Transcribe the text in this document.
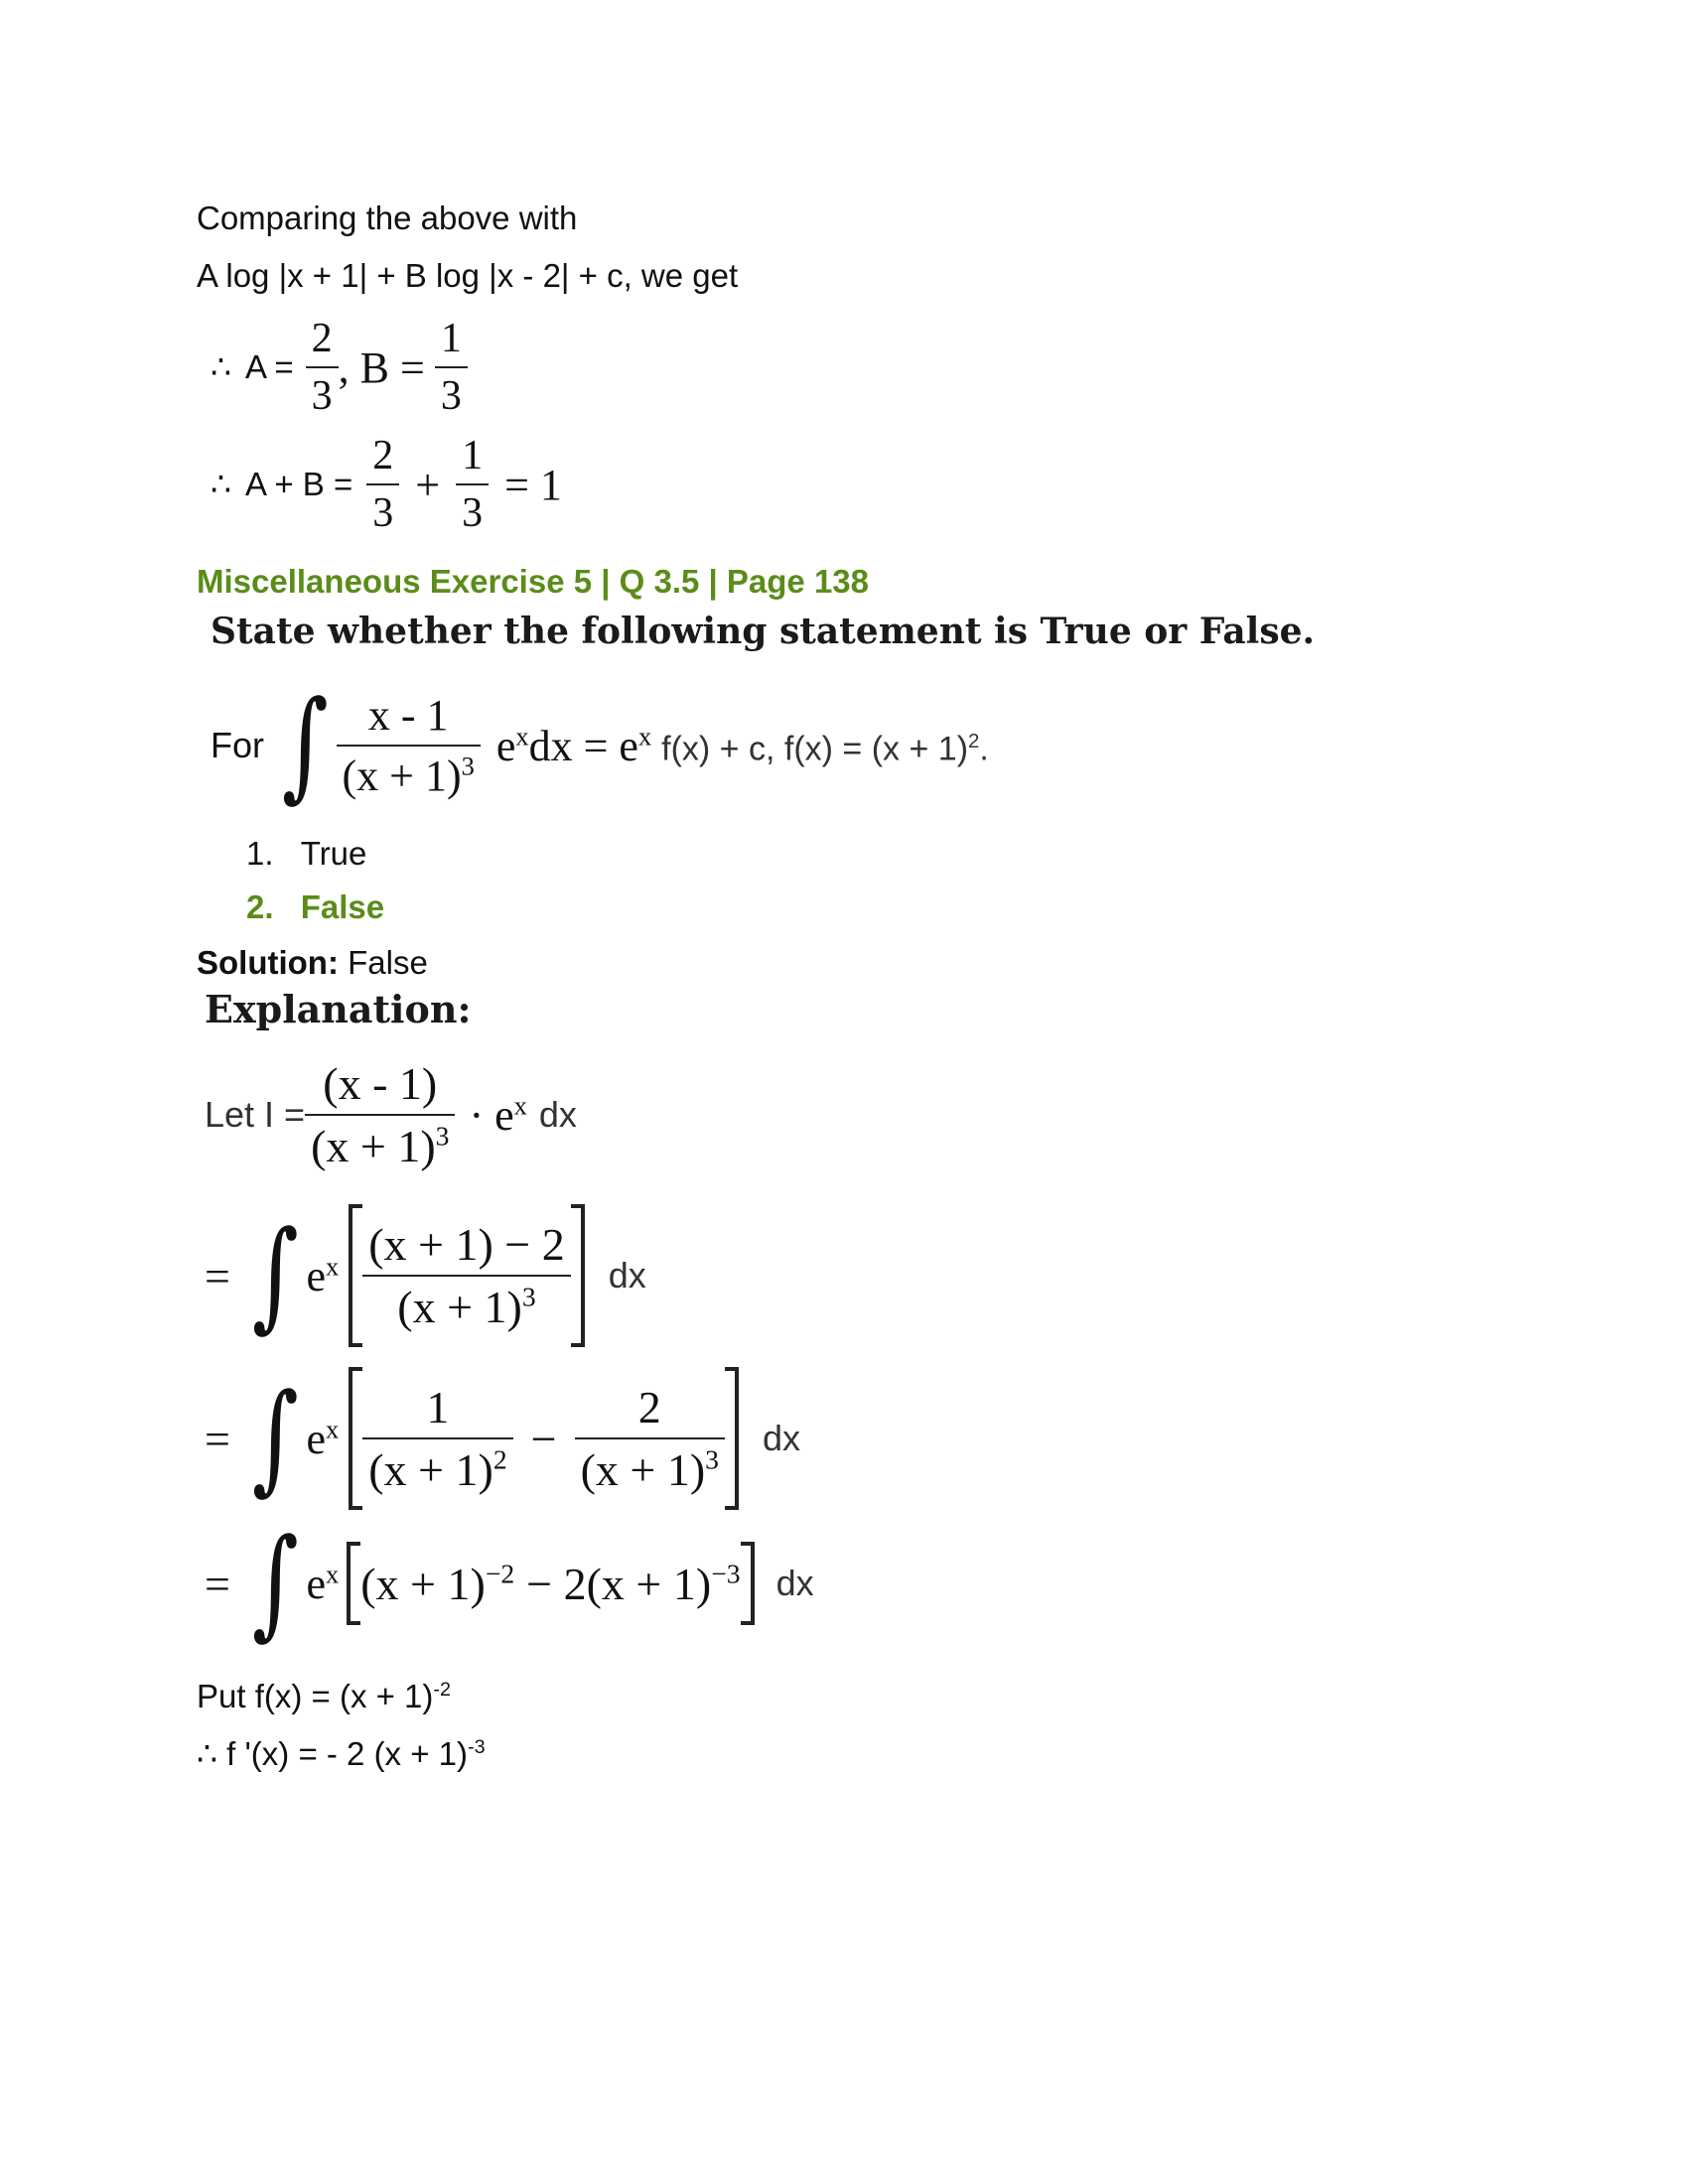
Comparing the above with
A log |x + 1| + B log |x - 2| + c, we get
∴ $A = \frac{2}{3}$ , $B = \frac{1}{3}$
∴ $A + B = \frac{2}{3} + \frac{1}{3} = 1$
Miscellaneous Exercise 5 | Q 3.5 | Page 138
State whether the following statement is True or False.
For ∫ $\frac{x - 1}{(x + 1)^3} e^xdx = e^x$ f(x) + c, $f(x) = (x + 1)^2$.
1. True
2. False
Solution: False
Explanation:
Let $I = \frac{(x - 1)}{(x + 1)^3} \cdot e^x$ dx
= ∫ $e^x \frac{(x + 1) - 2}{(x + 1)^3}$ dx
= ∫ $e^x \frac{1}{(x + 1)^2} - \frac{2}{(x + 1)^3}$ dx
= ∫ $e^x$ $(x + 1)^{-2} - 2(x + 1)^{-3}$ dx
Put $f(x) = (x + 1)^{-2}$
∴ f '(x) = - 2 $(x + 1)^{-3}$
